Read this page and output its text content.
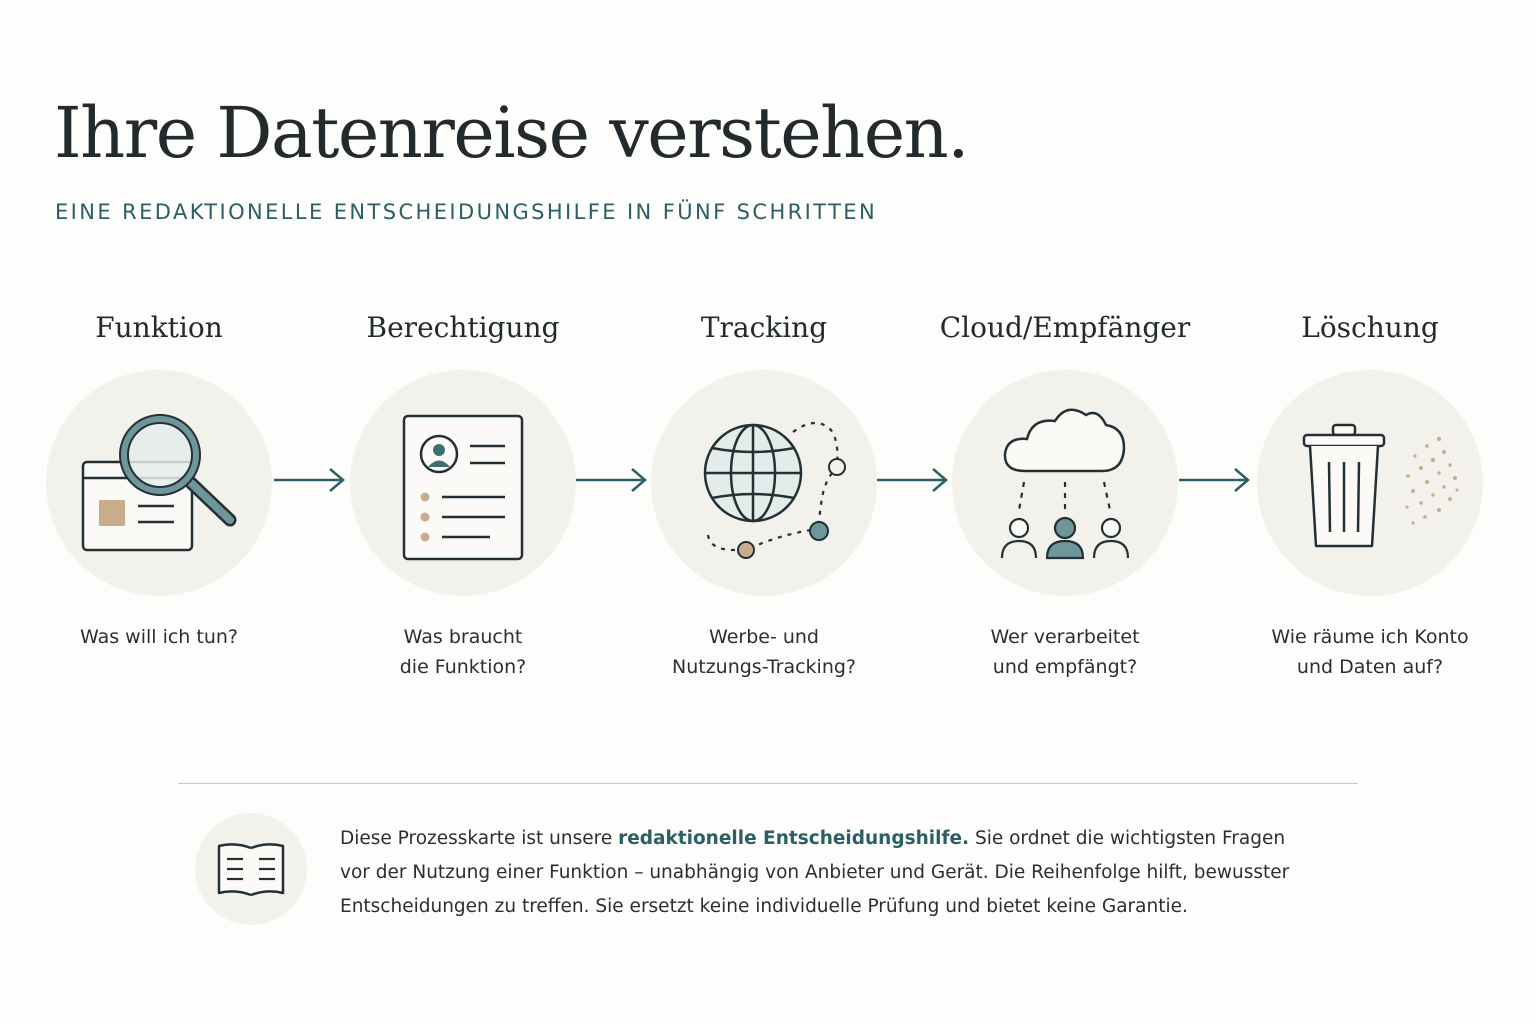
Ihre Datenreise verstehen.
EINE REDAKTIONELLE ENTSCHEIDUNGSHILFE IN FÜNF SCHRITTEN
Funktion
Was will ich tun?
Berechtigung
Was braucht
die Funktion?
Tracking
Werbe- und
Nutzungs-Tracking?
Cloud/Empfänger
Wer verarbeitet
und empfängt?
Löschung
Wie räume ich Konto
und Daten auf?
Diese Prozesskarte ist unsere redaktionelle Entscheidungshilfe. Sie ordnet die wichtigsten Fragen vor der Nutzung einer Funktion – unabhängig von Anbieter und Gerät. Die Reihenfolge hilft, bewusster Entscheidungen zu treffen. Sie ersetzt keine individuelle Prüfung und bietet keine Garantie.
